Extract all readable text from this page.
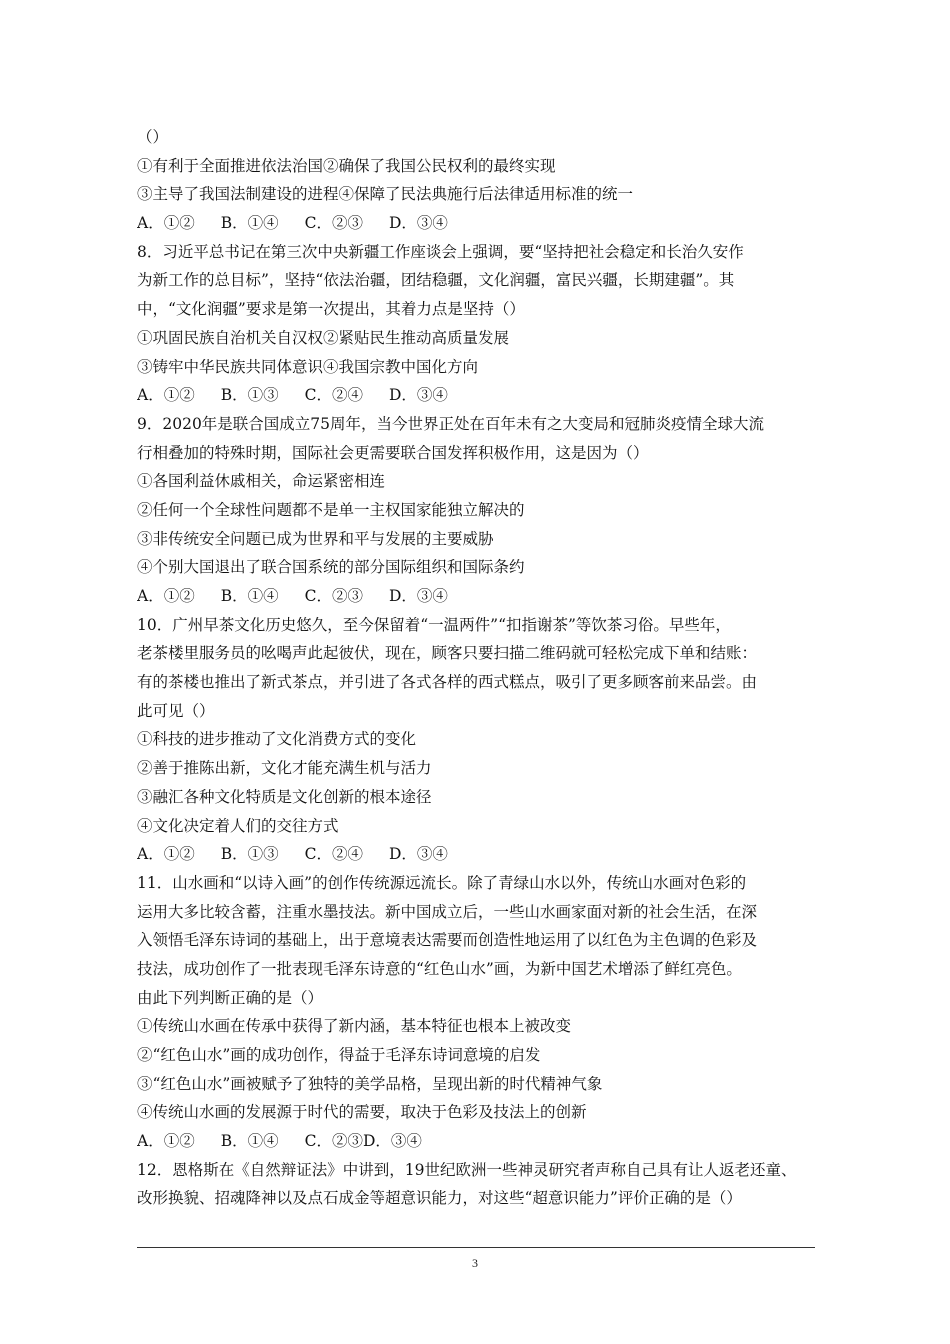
（）
①有利于全面推进依法治国②确保了我国公民权利的最终实现
③主导了我国法制建设的进程④保障了民法典施行后法律适用标准的统一
A．①② B．①④ C．②③ D．③④
8．习近平总书记在第三次中央新疆工作座谈会上强调，要“坚持把社会稳定和长治久安作
为新工作的总目标”，坚持“依法治疆，团结稳疆，文化润疆，富民兴疆，长期建疆”。其
中，“文化润疆”要求是第一次提出，其着力点是坚持（）
①巩固民族自治机关自汉权②紧贴民生推动高质量发展
③铸牢中华民族共同体意识④我国宗教中国化方向
A．①② B．①③ C．②④ D．③④
9．2020年是联合国成立75周年，当今世界正处在百年未有之大变局和冠肺炎疫情全球大流
行相叠加的特殊时期，国际社会更需要联合国发挥积极作用，这是因为（）
①各国利益休戚相关，命运紧密相连
②任何一个全球性问题都不是单一主权国家能独立解决的
③非传统安全问题已成为世界和平与发展的主要威胁
④个别大国退出了联合国系统的部分国际组织和国际条约
A．①② B．①④ C．②③ D．③④
10．广州早茶文化历史悠久，至今保留着“一温两件”“扣指谢茶”等饮茶习俗。早些年，
老茶楼里服务员的吆喝声此起彼伏，现在，顾客只要扫描二维码就可轻松完成下单和结账：
有的茶楼也推出了新式茶点，并引进了各式各样的西式糕点，吸引了更多顾客前来品尝。由
此可见（）
①科技的进步推动了文化消费方式的变化
②善于推陈出新，文化才能充满生机与活力
③融汇各种文化特质是文化创新的根本途径
④文化决定着人们的交往方式
A．①② B．①③ C．②④ D．③④
11．山水画和“以诗入画”的创作传统源远流长。除了青绿山水以外，传统山水画对色彩的
运用大多比较含蓄，注重水墨技法。新中国成立后，一些山水画家面对新的社会生活，在深
入领悟毛泽东诗词的基础上，出于意境表达需要而创造性地运用了以红色为主色调的色彩及
技法，成功创作了一批表现毛泽东诗意的“红色山水”画，为新中国艺术增添了鲜红亮色。
由此下列判断正确的是（）
①传统山水画在传承中获得了新内涵，基本特征也根本上被改变
②“红色山水”画的成功创作，得益于毛泽东诗词意境的启发
③“红色山水”画被赋予了独特的美学品格，呈现出新的时代精神气象
④传统山水画的发展源于时代的需要，取决于色彩及技法上的创新
A．①② B．①④ C．②③D．③④
12．恩格斯在《自然辩证法》中讲到，19世纪欧洲一些神灵研究者声称自己具有让人返老还童、
改形换貌、招魂降神以及点石成金等超意识能力，对这些“超意识能力”评价正确的是（）
3
